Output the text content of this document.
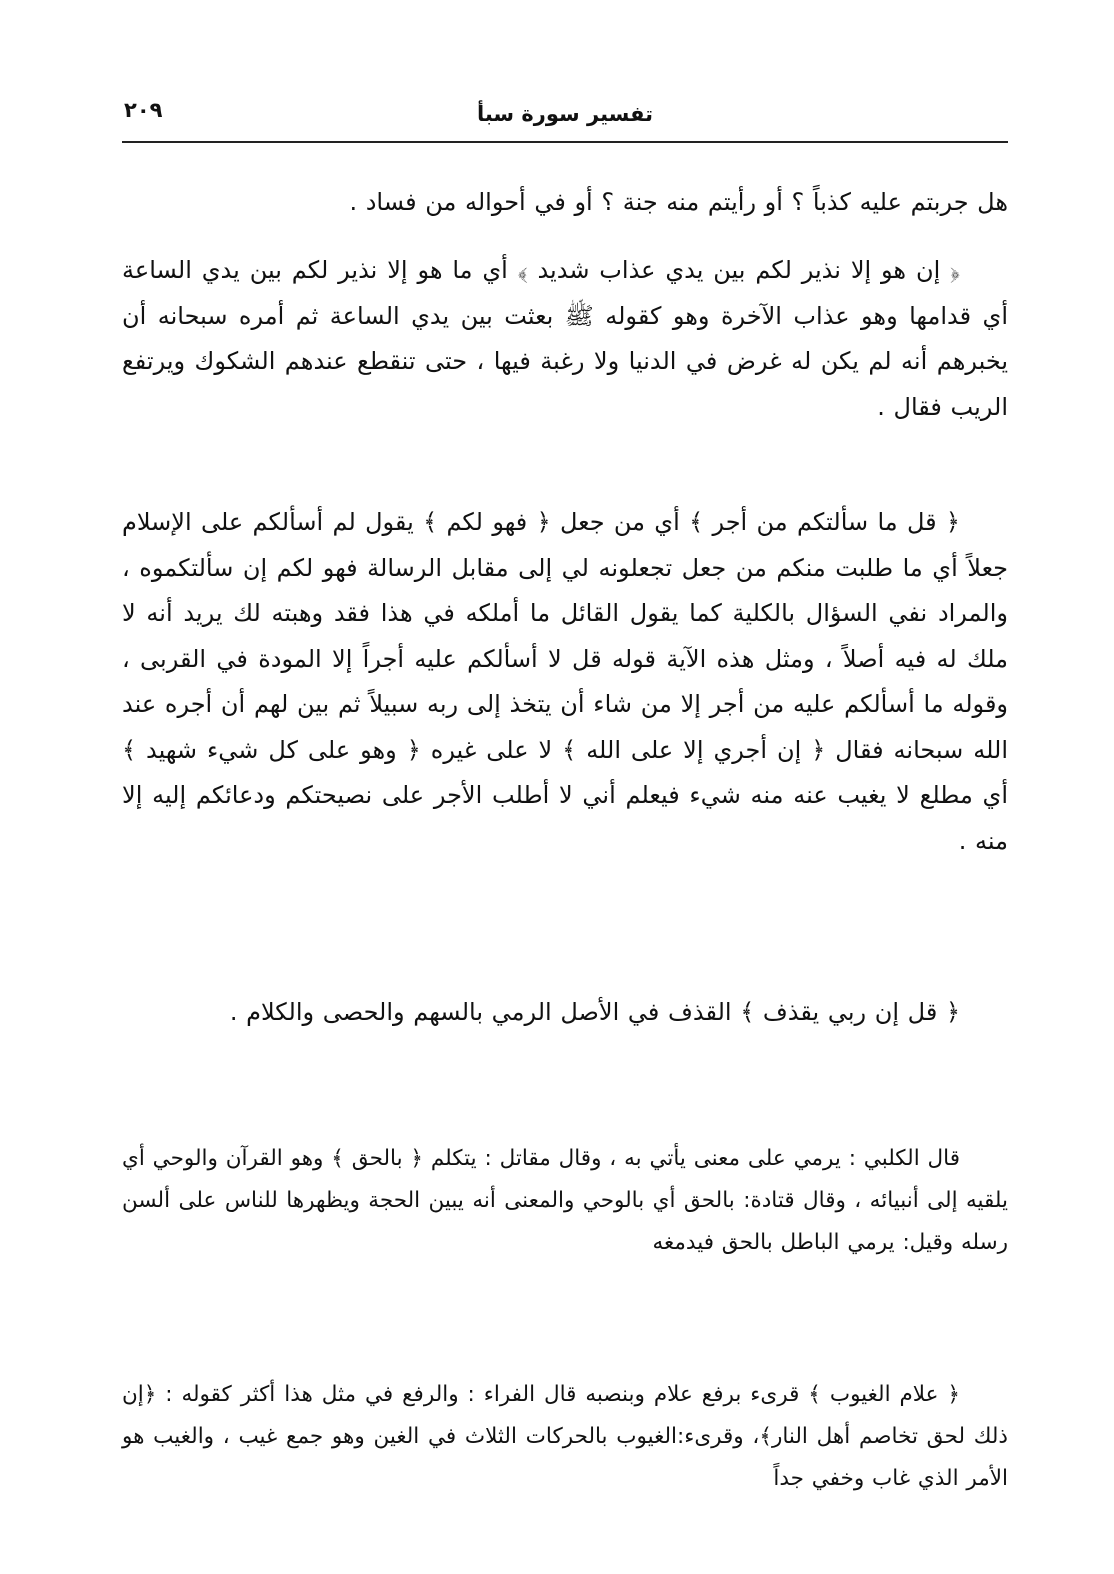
تفسير سورة سبأ
٢٠٩

هل جربتم عليه كذباً ؟ أو رأيتم منه جنة ؟ أو في أحواله من فساد .

﴿ إن هو إلا نذير لكم بين يدي عذاب شديد ﴾ أي ما هو إلا نذير لكم بين يدي الساعة أي قدامها وهو عذاب الآخرة وهو كقوله ﷺ بعثت بين يدي الساعة ثم أمره سبحانه أن يخبرهم أنه لم يكن له غرض في الدنيا ولا رغبة فيها ، حتى تنقطع عندهم الشكوك ويرتفع الريب فقال .

﴿ قل ما سألتكم من أجر ﴾ أي من جعل ﴿ فهو لكم ﴾ يقول لم أسألكم على الإسلام جعلاً أي ما طلبت منكم من جعل تجعلونه لي إلى مقابل الرسالة فهو لكم إن سألتكموه ، والمراد نفي السؤال بالكلية كما يقول القائل ما أملكه في هذا فقد وهبته لك يريد أنه لا ملك له فيه أصلاً ، ومثل هذه الآية قوله قل لا أسألكم عليه أجراً إلا المودة في القربى ، وقوله ما أسألكم عليه من أجر إلا من شاء أن يتخذ إلى ربه سبيلاً ثم بين لهم أن أجره عند الله سبحانه فقال ﴿ إن أجري إلا على الله ﴾ لا على غيره ﴿ وهو على كل شيء شهيد ﴾ أي مطلع لا يغيب عنه منه شيء فيعلم أني لا أطلب الأجر على نصيحتكم ودعائكم إليه إلا منه .

﴿ قل إن ربي يقذف ﴾ القذف في الأصل الرمي بالسهم والحصى والكلام .

قال الكلبي : يرمي على معنى يأتي به ، وقال مقاتل : يتكلم ﴿ بالحق ﴾ وهو القرآن والوحي أي يلقيه إلى أنبيائه ، وقال قتادة: بالحق أي بالوحي والمعنى أنه يبين الحجة ويظهرها للناس على ألسن رسله وقيل: يرمي الباطل بالحق فيدمغه

﴿ علام الغيوب ﴾ قرىء برفع علام وبنصبه قال الفراء : والرفع في مثل هذا أكثر كقوله : ﴿إن ذلك لحق تخاصم أهل النار﴾، وقرىء:الغيوب بالحركات الثلاث في الغين وهو جمع غيب ، والغيب هو الأمر الذي غاب وخفي جداً
